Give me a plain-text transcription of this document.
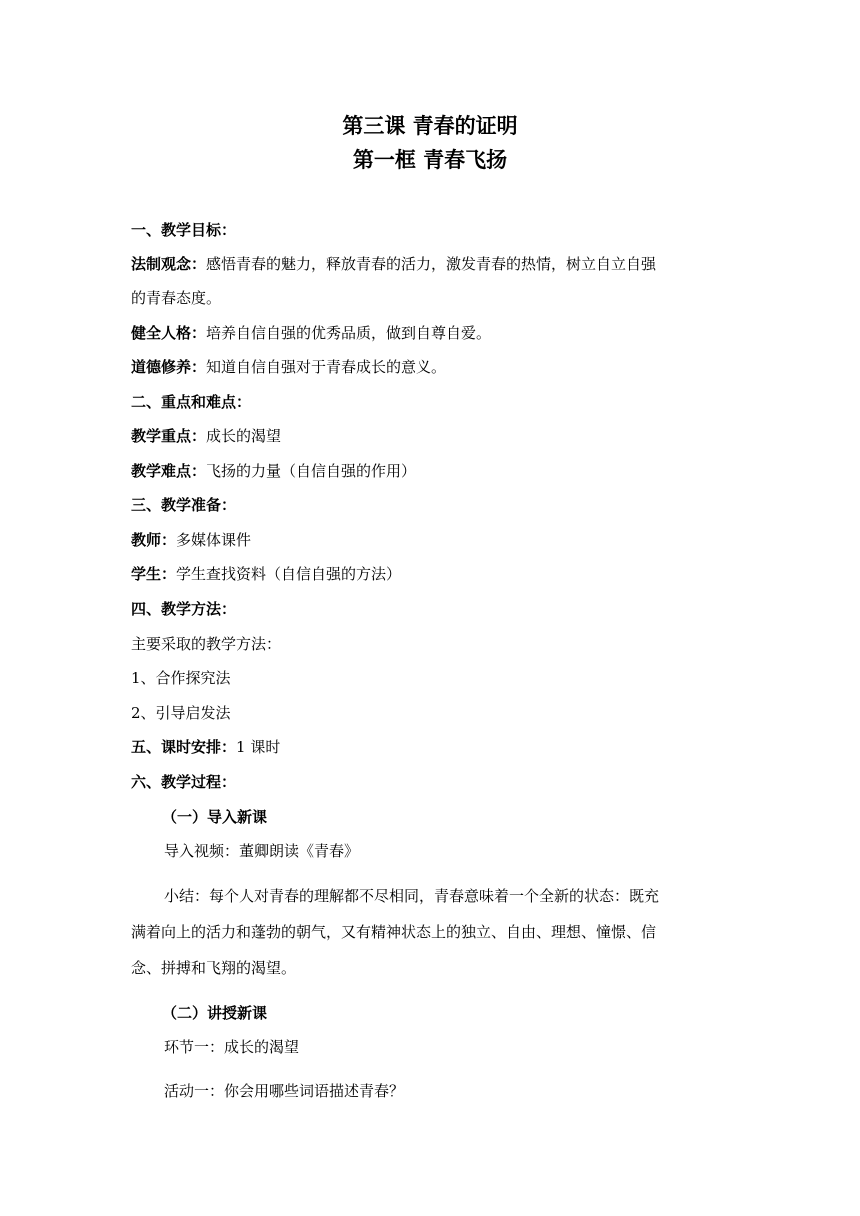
第三课 青春的证明
第一框 青春飞扬
一、教学目标：
法制观念：感悟青春的魅力，释放青春的活力，激发青春的热情，树立自立自强
的青春态度。
健全人格：培养自信自强的优秀品质，做到自尊自爱。
道德修养：知道自信自强对于青春成长的意义。
二、重点和难点：
教学重点：成长的渴望
教学难点：飞扬的力量（自信自强的作用）
三、教学准备：
教师：多媒体课件
学生：学生查找资料（自信自强的方法）
四、教学方法：
主要采取的教学方法：
1、合作探究法
2、引导启发法
五、课时安排：1 课时
六、教学过程：
（一）导入新课
导入视频：董卿朗读《青春》
小结：每个人对青春的理解都不尽相同，青春意味着一个全新的状态：既充
满着向上的活力和蓬勃的朝气，又有精神状态上的独立、自由、理想、憧憬、信
念、拼搏和飞翔的渴望。
（二）讲授新课
环节一：成长的渴望
活动一：你会用哪些词语描述青春？
